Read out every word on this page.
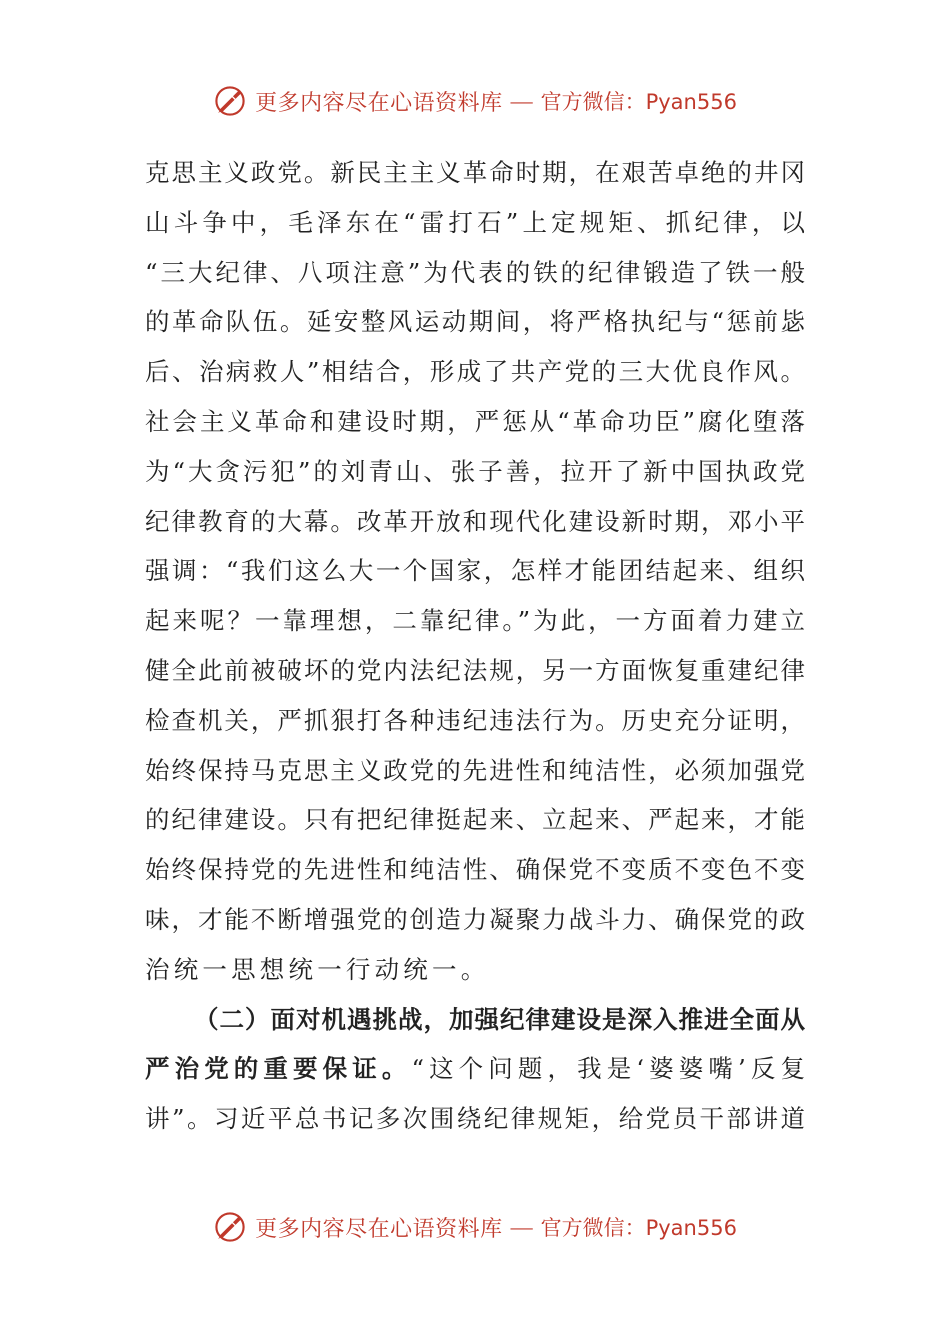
更多内容尽在心语资料库 — 官方微信：Pyan556
克思主义政党。新民主主义革命时期，在艰苦卓绝的井冈
山斗争中，毛泽东在“雷打石”上定规矩、抓纪律，以
“三大纪律、八项注意”为代表的铁的纪律锻造了铁一般
的革命队伍。延安整风运动期间，将严格执纪与“惩前毖
后、治病救人”相结合，形成了共产党的三大优良作风。
社会主义革命和建设时期，严惩从“革命功臣”腐化堕落
为“大贪污犯”的刘青山、张子善，拉开了新中国执政党
纪律教育的大幕。改革开放和现代化建设新时期，邓小平
强调：“我们这么大一个国家，怎样才能团结起来、组织
起来呢？一靠理想，二靠纪律。”为此，一方面着力建立
健全此前被破坏的党内法纪法规，另一方面恢复重建纪律
检查机关，严抓狠打各种违纪违法行为。历史充分证明，
始终保持马克思主义政党的先进性和纯洁性，必须加强党
的纪律建设。只有把纪律挺起来、立起来、严起来，才能
始终保持党的先进性和纯洁性、确保党不变质不变色不变
味，才能不断增强党的创造力凝聚力战斗力、确保党的政
治统一思想统一行动统一。
（二）面对机遇挑战，加强纪律建设是深入推进全面从
严治党的重要保证。“这个问题，我是‘婆婆嘴’反复
讲”。习近平总书记多次围绕纪律规矩，给党员干部讲道
更多内容尽在心语资料库 — 官方微信：Pyan556
